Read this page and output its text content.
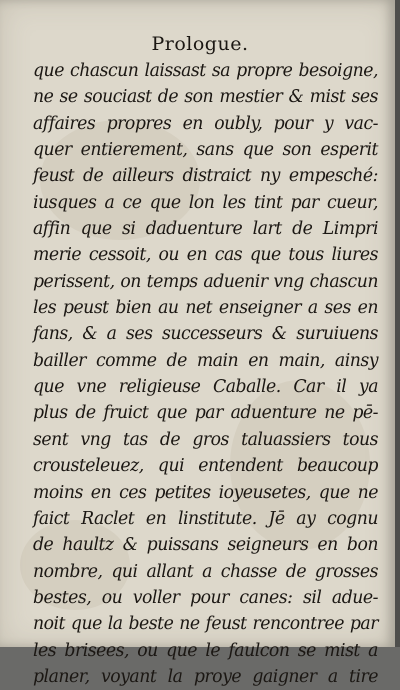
Prologue.
que chascun laissast sa propre besoigne,
ne se souciast de son mestier & mist ses
affaires propres en oubly, pour y vac-
quer entierement, sans que son esperit
feust de ailleurs distraict ny empesché:
iusques a ce que lon les tint par cueur,
affin que si daduenture lart de Limpri
merie cessoit, ou en cas que tous liures
perissent, on temps aduenir vng chascun
les peust bien au net enseigner a ses en
fans, & a ses successeurs & suruiuens
bailler comme de main en main, ainsy
que vne religieuse Caballe. Car il ya
plus de fruict que par aduenture ne pē-
sent vng tas de gros taluassiers tous
crousteleuez, qui entendent beaucoup
moins en ces petites ioyeusetes, que ne
faict Raclet en linstitute. Jē ay cognu
de haultz & puissans seigneurs en bon
nombre, qui allant a chasse de grosses
bestes, ou voller pour canes: sil adue-
noit que la beste ne feust rencontree par
les brisees, ou que le faulcon se mist a
planer, voyant la proye gaigner a tire
